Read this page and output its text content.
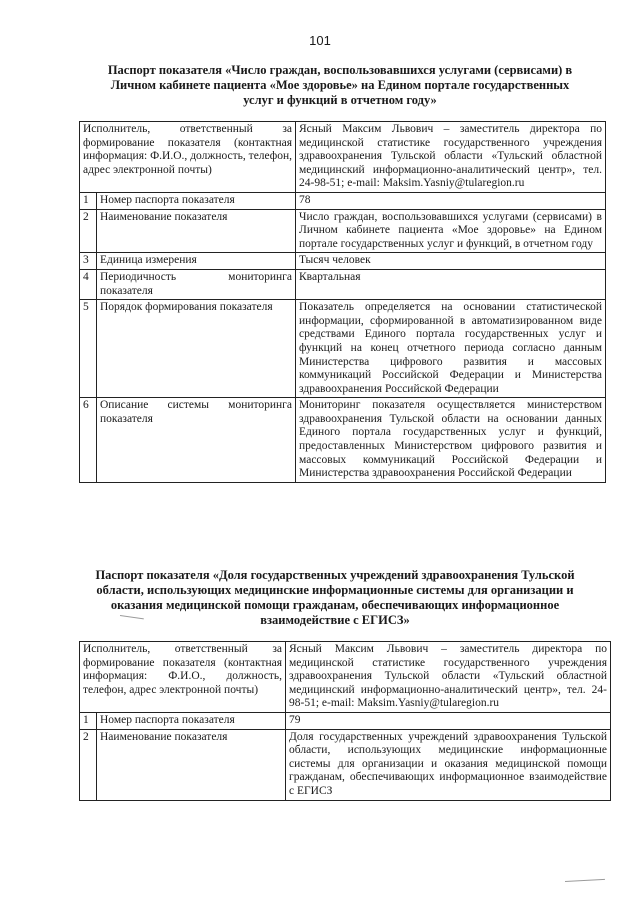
101
Паспорт показателя «Число граждан, воспользовавшихся услугами (сервисами) в
Личном кабинете пациента «Мое здоровье» на Едином портале государственных
услуг и функций в отчетном году»
Исполнитель, ответственный за формирование показателя (контактная информация: Ф.И.О., должность, телефон, адрес электронной почты)		Ясный Максим Львович – заместитель директора по медицинской статистике государственного учреждения здравоохранения Тульской области «Тульский областной медицинский информационно-аналитический центр», тел. 24-98-51; e-mail: Maksim.Yasniy@tularegion.ru
1	Номер паспорта показателя	78
2	Наименование показателя	Число граждан, воспользовавшихся услугами (сервисами) в Личном кабинете пациента «Мое здоровье» на Едином портале государственных услуг и функций, в отчетном году
3	Единица измерения	Тысяч человек
4	Периодичность мониторинга показателя	Квартальная
5	Порядок формирования показателя	Показатель определяется на основании статистической информации, сформированной в автоматизированном виде средствами Единого портала государственных услуг и функций на конец отчетного периода согласно данным Министерства цифрового развития и массовых коммуникаций Российской Федерации и Министерства здравоохранения Российской Федерации
6	Описание системы мониторинга показателя	Мониторинг показателя осуществляется министерством здравоохранения Тульской области на основании данных Единого портала государственных услуг и функций, предоставленных Министерством цифрового развития и массовых коммуникаций Российской Федерации и Министерства здравоохранения Российской Федерации
Паспорт показателя «Доля государственных учреждений здравоохранения Тульской
области, использующих медицинские информационные системы для организации и
оказания медицинской помощи гражданам, обеспечивающих информационное
взаимодействие с ЕГИСЗ»
Исполнитель, ответственный за формирование показателя (контактная информация: Ф.И.О., должность, телефон, адрес электронной почты)		Ясный Максим Львович – заместитель директора по медицинской статистике государственного учреждения здравоохранения Тульской области «Тульский областной медицинский информационно-аналитический центр», тел. 24-98-51; e-mail: Maksim.Yasniy@tularegion.ru
1	Номер паспорта показателя	79
2	Наименование показателя	Доля государственных учреждений здравоохранения Тульской области, использующих медицинские информационные системы для организации и оказания медицинской помощи гражданам, обеспечивающих информационное взаимодействие с ЕГИСЗ
